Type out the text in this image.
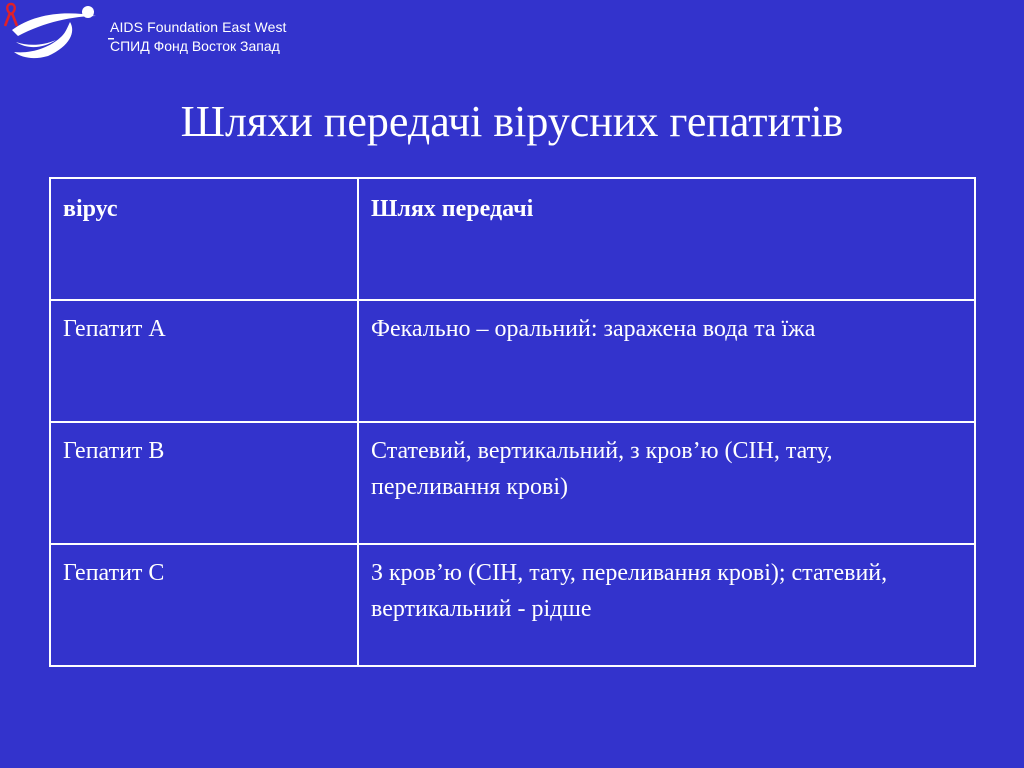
AIDS Foundation East West
СПИД Фонд Восток Запад
Шляхи передачі вірусних гепатитів
вірус	Шлях передачі
Гепатит А	Фекально – оральний: заражена вода та їжа
Гепатит В	Статевий, вертикальний, з кров’ю (СІН, тату, переливання крові)
Гепатит С	З кров’ю (СІН, тату, переливання крові); статевий, вертикальний - рідше
